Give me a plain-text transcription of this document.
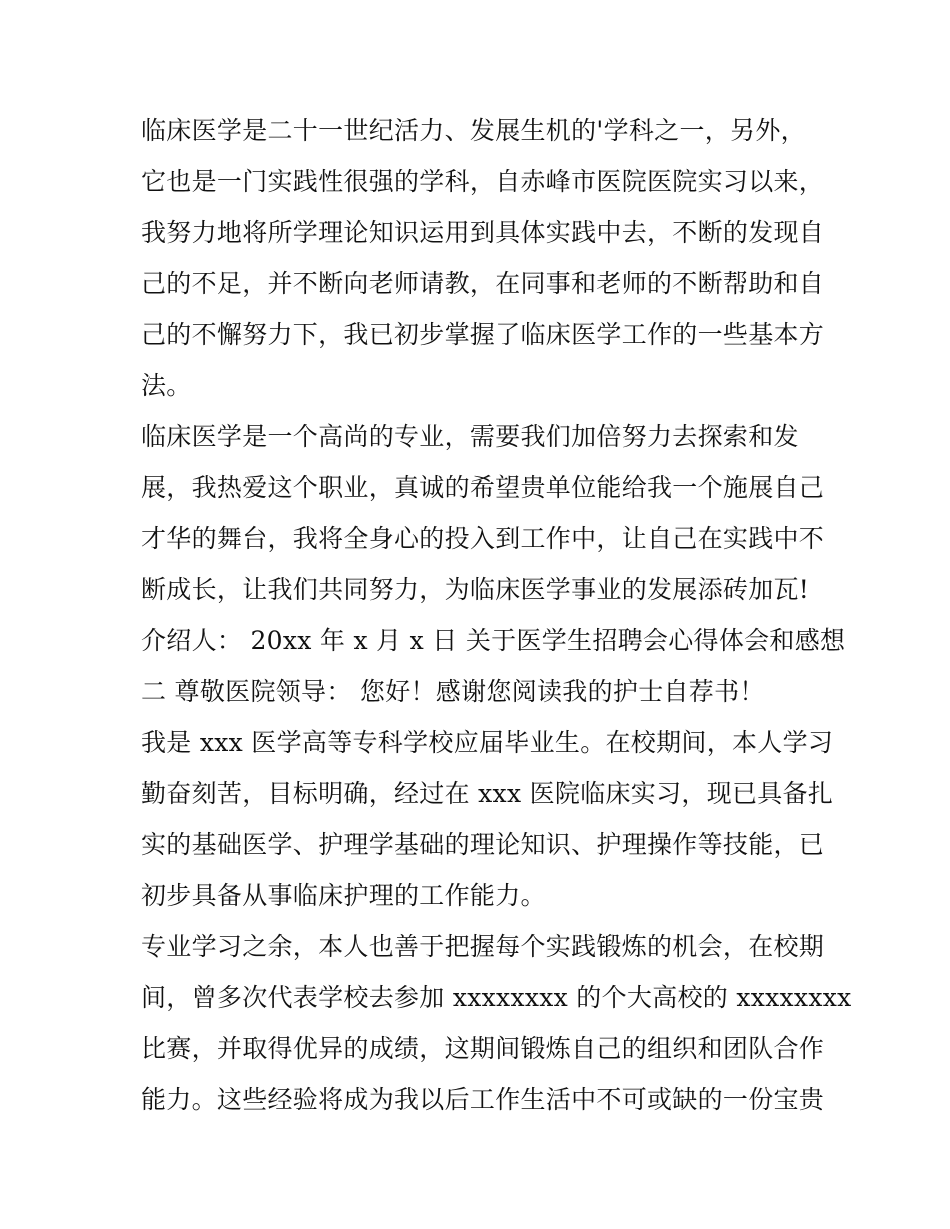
临床医学是二十一世纪活力、发展生机的'学科之一，另外，
它也是一门实践性很强的学科，自赤峰市医院医院实习以来，
我努力地将所学理论知识运用到具体实践中去，不断的发现自
己的不足，并不断向老师请教，在同事和老师的不断帮助和自
己的不懈努力下，我已初步掌握了临床医学工作的一些基本方
法。
临床医学是一个高尚的专业，需要我们加倍努力去探索和发
展，我热爱这个职业，真诚的希望贵单位能给我一个施展自己
才华的舞台，我将全身心的投入到工作中，让自己在实践中不
断成长，让我们共同努力，为临床医学事业的发展添砖加瓦!
介绍人： 20xx 年 x 月 x 日 关于医学生招聘会心得体会和感想
二 尊敬医院领导： 您好！感谢您阅读我的护士自荐书！
我是 xxx 医学高等专科学校应届毕业生。在校期间，本人学习
勤奋刻苦，目标明确，经过在 xxx 医院临床实习，现已具备扎
实的基础医学、护理学基础的理论知识、护理操作等技能，已
初步具备从事临床护理的工作能力。
专业学习之余，本人也善于把握每个实践锻炼的机会，在校期
间，曾多次代表学校去参加 xxxxxxxx 的个大高校的 xxxxxxxx
比赛，并取得优异的成绩，这期间锻炼自己的组织和团队合作
能力。这些经验将成为我以后工作生活中不可或缺的一份宝贵
